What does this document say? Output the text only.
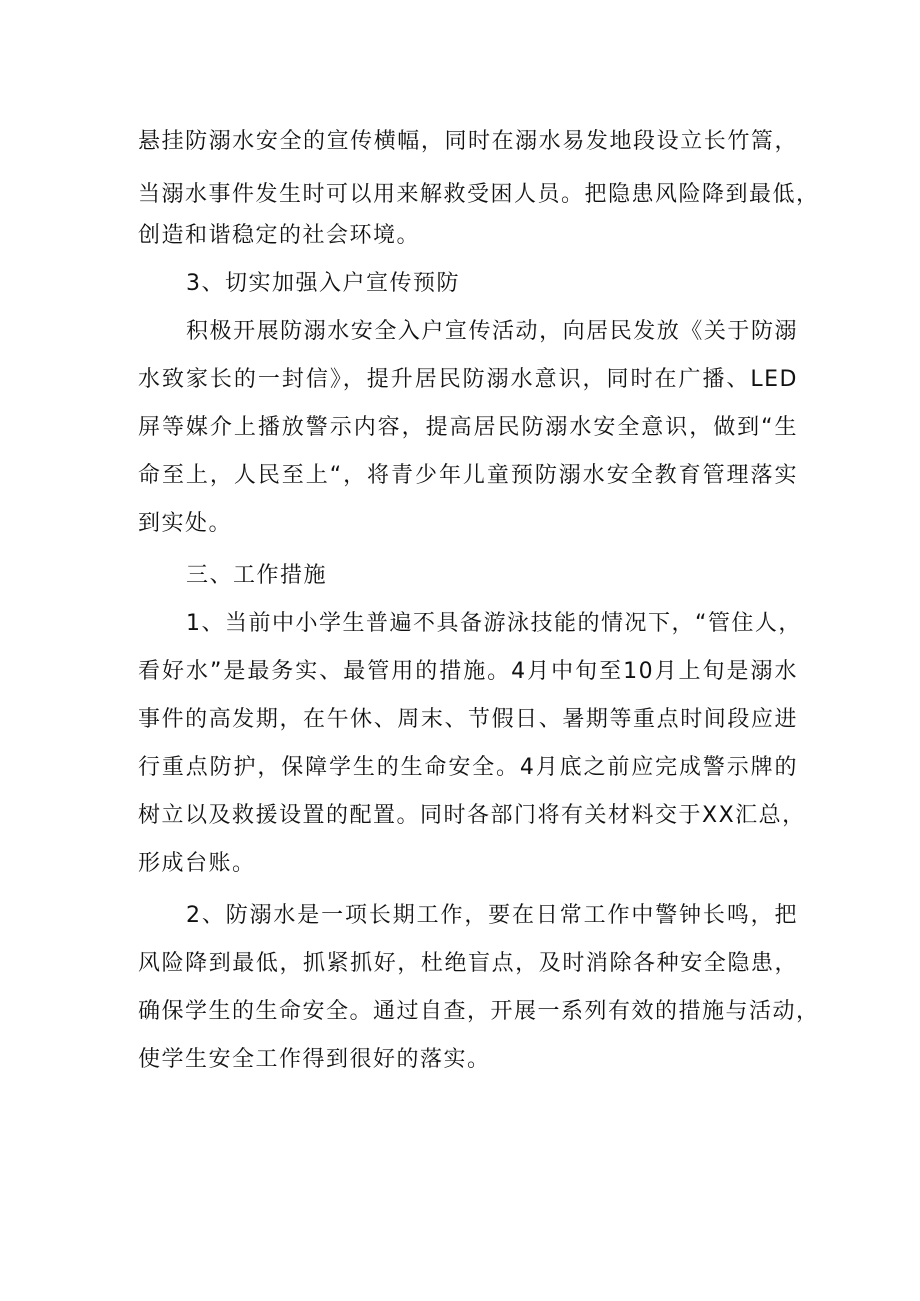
悬挂防溺水安全的宣传横幅，同时在溺水易发地段设立长竹篙，

当溺水事件发生时可以用来解救受困人员。把隐患风险降到最低，

创造和谐稳定的社会环境。

3、切实加强入户宣传预防

积极开展防溺水安全入户宣传活动，向居民发放《关于防溺

水致家长的一封信》，提升居民防溺水意识，同时在广播、LED

屏等媒介上播放警示内容，提高居民防溺水安全意识，做到“生

命至上，人民至上“，将青少年儿童预防溺水安全教育管理落实

到实处。

三、工作措施

1、当前中小学生普遍不具备游泳技能的情况下，“管住人，

看好水”是最务实、最管用的措施。4月中旬至10月上旬是溺水

事件的高发期，在午休、周末、节假日、暑期等重点时间段应进

行重点防护，保障学生的生命安全。4月底之前应完成警示牌的

树立以及救援设置的配置。同时各部门将有关材料交于XX汇总，

形成台账。

2、防溺水是一项长期工作，要在日常工作中警钟长鸣，把

风险降到最低，抓紧抓好，杜绝盲点，及时消除各种安全隐患，

确保学生的生命安全。通过自查，开展一系列有效的措施与活动，

使学生安全工作得到很好的落实。
